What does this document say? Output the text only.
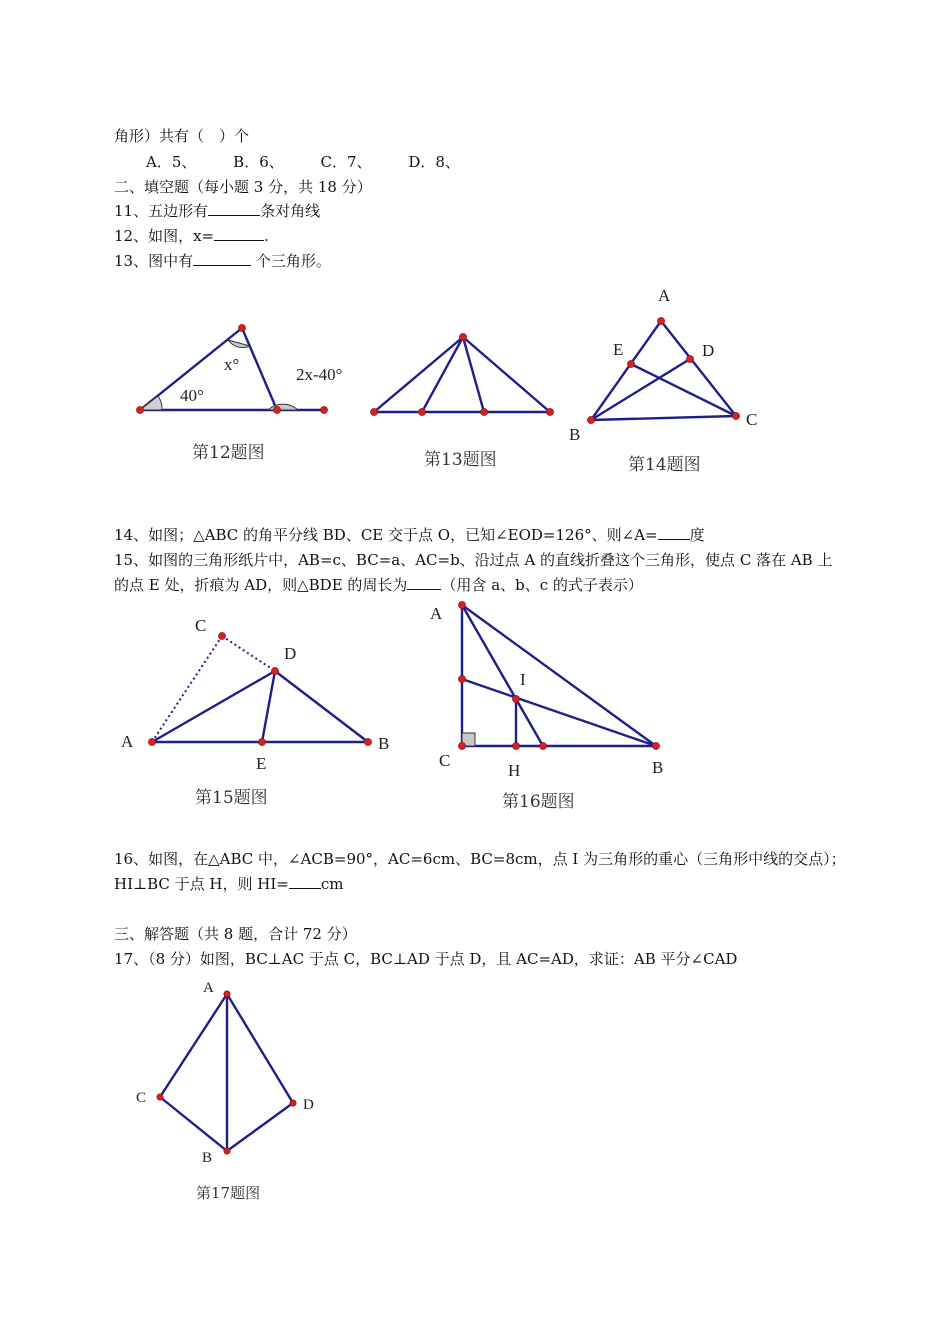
角形）共有（　）个
A．5、 B．6、 C．7、 D．8、
二、填空题（每小题 3 分，共 18 分）
11、五边形有	条对角线
12、如图，x=	.
13、图中有	个三角形。
x°
40°
2x-40°
第12题图	第13题图
A
B
C
D
E
第14题图
14、如图；△ABC 的角平分线 BD、CE 交于点 O，已知∠EOD=126°、则∠A= 度
15、如图的三角形纸片中，AB=c、BC=a、AC=b、沿过点 A 的直线折叠这个三角形，使点 C 落在 AB 上
的点 E 处，折痕为 AD，则△BDE 的周长为 （用含 a、b、c 的式子表示）
A	B
C
D
E
第15题图
A
C	B
H
I
第16题图
16、如图，在△ABC 中，∠ACB=90°，AC=6cm、BC=8cm，点 I 为三角形的重心（三角形中线的交点）；
HI⊥BC 于点 H，则 HI= cm
三、解答题（共 8 题，合计 72 分）
17、（8 分）如图，BC⊥AC 于点 C，BC⊥AD 于点 D，且 AC=AD，求证：AB 平分∠CAD
A
C	D
B
第17题图
